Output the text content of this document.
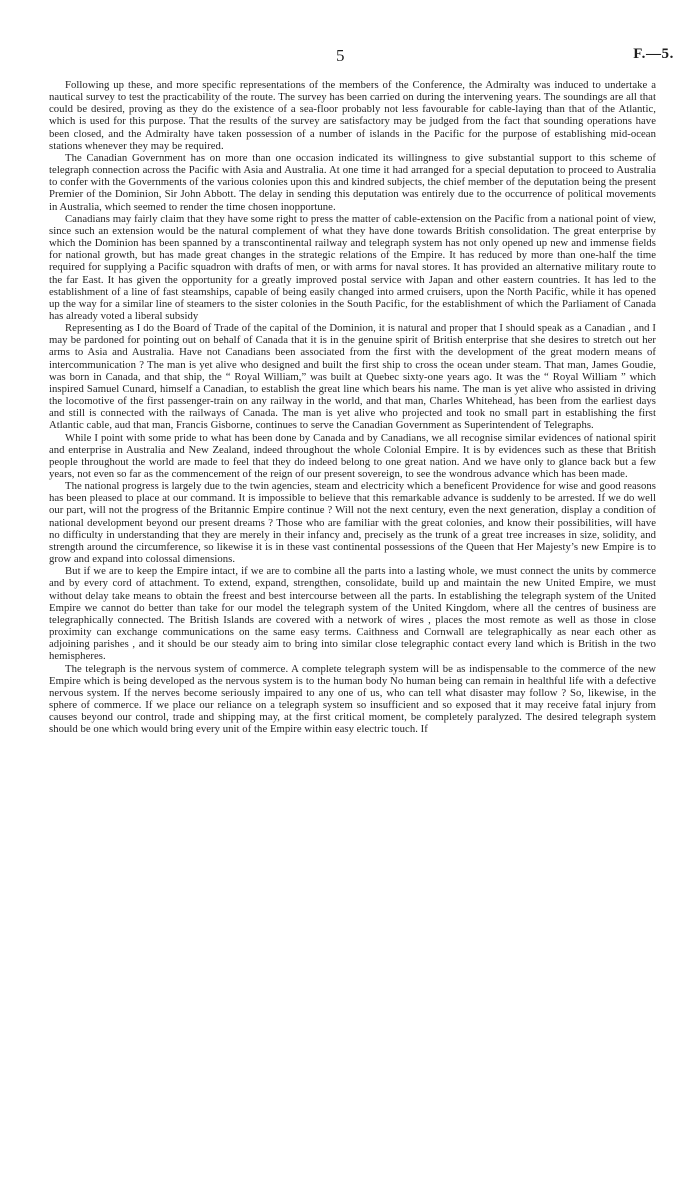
5	F.—5.

Following up these, and more specific representations of the members of the Conference, the Admiralty was induced to undertake a nautical survey to test the practicability of the route. The survey has been carried on during the intervening years. The soundings are all that could be desired, proving as they do the existence of a sea-floor probably not less favourable for cable-laying than that of the Atlantic, which is used for this purpose. That the results of the survey are satisfactory may be judged from the fact that sounding operations have been closed, and the Admiralty have taken possession of a number of islands in the Pacific for the purpose of establishing mid-ocean stations whenever they may be required.

The Canadian Government has on more than one occasion indicated its willingness to give substantial support to this scheme of telegraph connection across the Pacific with Asia and Australia. At one time it had arranged for a special deputation to proceed to Australia to confer with the Governments of the various colonies upon this and kindred subjects, the chief member of the deputation being the present Premier of the Dominion, Sir John Abbott. The delay in sending this deputation was entirely due to the occurrence of political movements in Australia, which seemed to render the time chosen inopportune.

Canadians may fairly claim that they have some right to press the matter of cable-extension on the Pacific from a national point of view, since such an extension would be the natural complement of what they have done towards British consolidation. The great enterprise by which the Dominion has been spanned by a transcontinental railway and telegraph system has not only opened up new and immense fields for national growth, but has made great changes in the strategic relations of the Empire. It has reduced by more than one-half the time required for supplying a Pacific squadron with drafts of men, or with arms for naval stores. It has provided an alternative military route to the far East. It has given the opportunity for a greatly improved postal service with Japan and other eastern countries. It has led to the establishment of a line of fast steamships, capable of being easily changed into armed cruisers, upon the North Pacific, while it has opened up the way for a similar line of steamers to the sister colonies in the South Pacific, for the establishment of which the Parliament of Canada has already voted a liberal subsidy

Representing as I do the Board of Trade of the capital of the Dominion, it is natural and proper that I should speak as a Canadian , and I may be pardoned for pointing out on behalf of Canada that it is in the genuine spirit of British enterprise that she desires to stretch out her arms to Asia and Australia. Have not Canadians been associated from the first with the development of the great modern means of intercommunication ? The man is yet alive who designed and built the first ship to cross the ocean under steam. That man, James Goudie, was born in Canada, and that ship, the “ Royal William,” was built at Quebec sixty-one years ago. It was the “ Royal William ” which inspired Samuel Cunard, himself a Canadian, to establish the great line which bears his name. The man is yet alive who assisted in driving the locomotive of the first passenger-train on any railway in the world, and that man, Charles Whitehead, has been from the earliest days and still is connected with the railways of Canada. The man is yet alive who projected and took no small part in establishing the first Atlantic cable, aud that man, Francis Gisborne, continues to serve the Canadian Government as Superintendent of Telegraphs.

While I point with some pride to what has been done by Canada and by Canadians, we all recognise similar evidences of national spirit and enterprise in Australia and New Zealand, indeed throughout the whole Colonial Empire. It is by evidences such as these that British people throughout the world are made to feel that they do indeed belong to one great nation. And we have only to glance back but a few years, not even so far as the commencement of the reign of our present sovereign, to see the wondrous advance which has been made.

The national progress is largely due to the twin agencies, steam and electricity which a beneficent Providence for wise and good reasons has been pleased to place at our command. It is impossible to believe that this remarkable advance is suddenly to be arrested. If we do well our part, will not the progress of the Britannic Empire continue ? Will not the next century, even the next generation, display a condition of national development beyond our present dreams ? Those who are familiar with the great colonies, and know their possibilities, will have no difficulty in understanding that they are merely in their infancy and, precisely as the trunk of a great tree increases in size, solidity, and strength around the circumference, so likewise it is in these vast continental possessions of the Queen that Her Majesty’s new Empire is to grow and expand into colossal dimensions.

But if we are to keep the Empire intact, if we are to combine all the parts into a lasting whole, we must connect the units by commerce and by every cord of attachment. To extend, expand, strengthen, consolidate, build up and maintain the new United Empire, we must without delay take means to obtain the freest and best intercourse between all the parts. In establishing the telegraph system of the United Empire we cannot do better than take for our model the telegraph system of the United Kingdom, where all the centres of business are telegraphically connected. The British Islands are covered with a network of wires , places the most remote as well as those in close proximity can exchange communications on the same easy terms. Caithness and Cornwall are telegraphically as near each other as adjoining parishes , and it should be our steady aim to bring into similar close telegraphic contact every land which is British in the two hemispheres.

The telegraph is the nervous system of commerce. A complete telegraph system will be as indispensable to the commerce of the new Empire which is being developed as the nervous system is to the human body No human being can remain in healthful life with a defective nervous system. If the nerves become seriously impaired to any one of us, who can tell what disaster may follow ? So, likewise, in the sphere of commerce. If we place our reliance on a telegraph system so insufficient and so exposed that it may receive fatal injury from causes beyond our control, trade and shipping may, at the first critical moment, be completely paralyzed. The desired telegraph system should be one which would bring every unit of the Empire within easy electric touch. If
